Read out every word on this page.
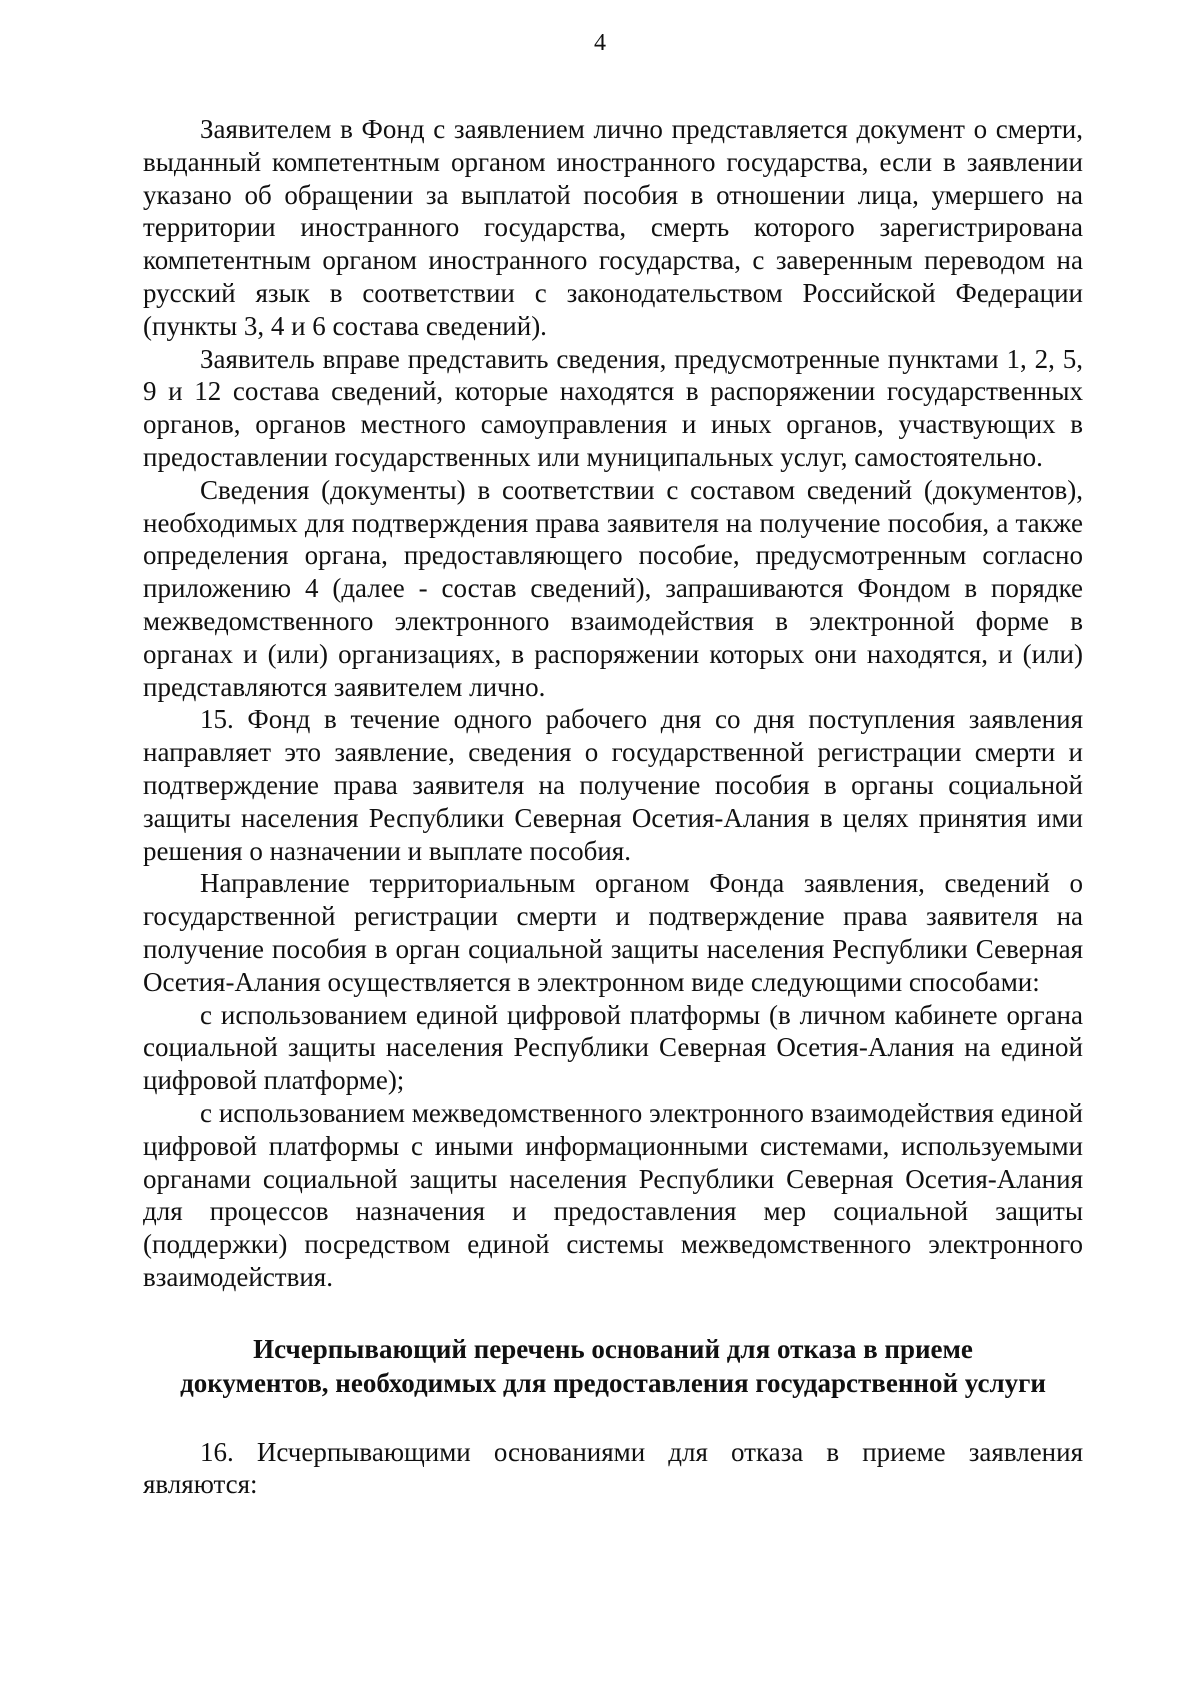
4

Заявителем в Фонд с заявлением лично представляется документ о смерти, выданный компетентным органом иностранного государства, если в заявлении указано об обращении за выплатой пособия в отношении лица, умершего на территории иностранного государства, смерть которого зарегистрирована компетентным органом иностранного государства, с заверенным переводом на русский язык в соответствии с законодательством Российской Федерации (пункты 3, 4 и 6 состава сведений).

Заявитель вправе представить сведения, предусмотренные пунктами 1, 2, 5, 9 и 12 состава сведений, которые находятся в распоряжении государственных органов, органов местного самоуправления и иных органов, участвующих в предоставлении государственных или муниципальных услуг, самостоятельно.

Сведения (документы) в соответствии с составом сведений (документов), необходимых для подтверждения права заявителя на получение пособия, а также определения органа, предоставляющего пособие, предусмотренным согласно приложению 4 (далее - состав сведений), запрашиваются Фондом в порядке межведомственного электронного взаимодействия в электронной форме в органах и (или) организациях, в распоряжении которых они находятся, и (или) представляются заявителем лично.

15. Фонд в течение одного рабочего дня со дня поступления заявления направляет это заявление, сведения о государственной регистрации смерти и подтверждение права заявителя на получение пособия в органы социальной защиты населения Республики Северная Осетия-Алания в целях принятия ими решения о назначении и выплате пособия.

Направление территориальным органом Фонда заявления, сведений о государственной регистрации смерти и подтверждение права заявителя на получение пособия в орган социальной защиты населения Республики Северная Осетия-Алания осуществляется в электронном виде следующими способами:

с использованием единой цифровой платформы (в личном кабинете органа социальной защиты населения Республики Северная Осетия-Алания на единой цифровой платформе);

с использованием межведомственного электронного взаимодействия единой цифровой платформы с иными информационными системами, используемыми органами социальной защиты населения Республики Северная Осетия-Алания для процессов назначения и предоставления мер социальной защиты (поддержки) посредством единой системы межведомственного электронного взаимодействия.

Исчерпывающий перечень оснований для отказа в приеме
документов, необходимых для предоставления государственной услуги

16. Исчерпывающими основаниями для отказа в приеме заявления являются:
